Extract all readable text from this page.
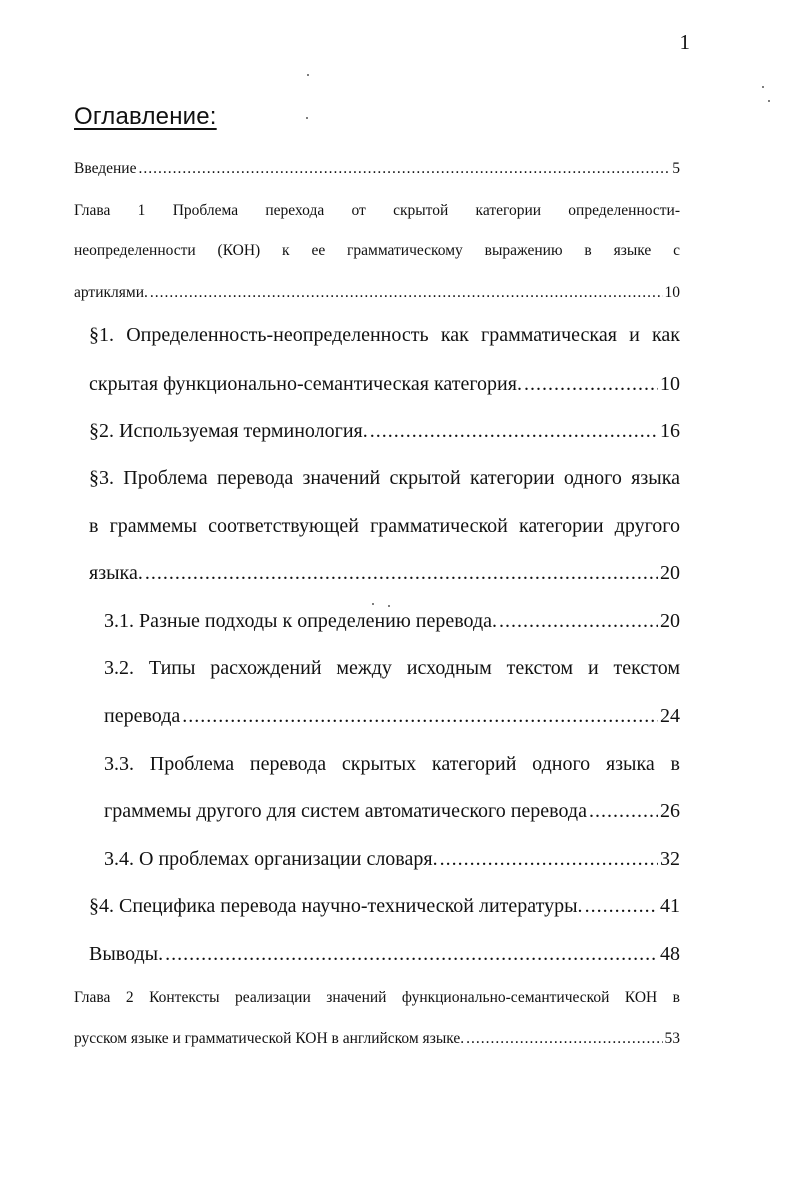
1
Оглавление:
Введение .....	5
Глава 1 Проблема перехода от скрытой категории определенности-
неопределенности (КОН) к ее грамматическому выражению в языке с
артиклями. .....	10
§1. Определенность-неопределенность как грамматическая и как
скрытая функционально-семантическая категория. .....	10
§2. Используемая терминология. .....	16
§3. Проблема перевода значений скрытой категории одного языка
в граммемы соответствующей грамматической категории другого
языка. .....	20
3.1. Разные подходы к определению перевода. .....	20
3.2. Типы расхождений между исходным текстом и текстом
перевода .....	24
3.3. Проблема перевода скрытых категорий одного языка в
граммемы другого для систем автоматического перевода .....	26
3.4. О проблемах организации словаря. .....	32
§4. Специфика перевода научно-технической литературы. .....	41
Выводы. .....	48
Глава 2 Контексты реализации значений функционально-семантической КОН в
русском языке и грамматической КОН в английском языке. .....	53
